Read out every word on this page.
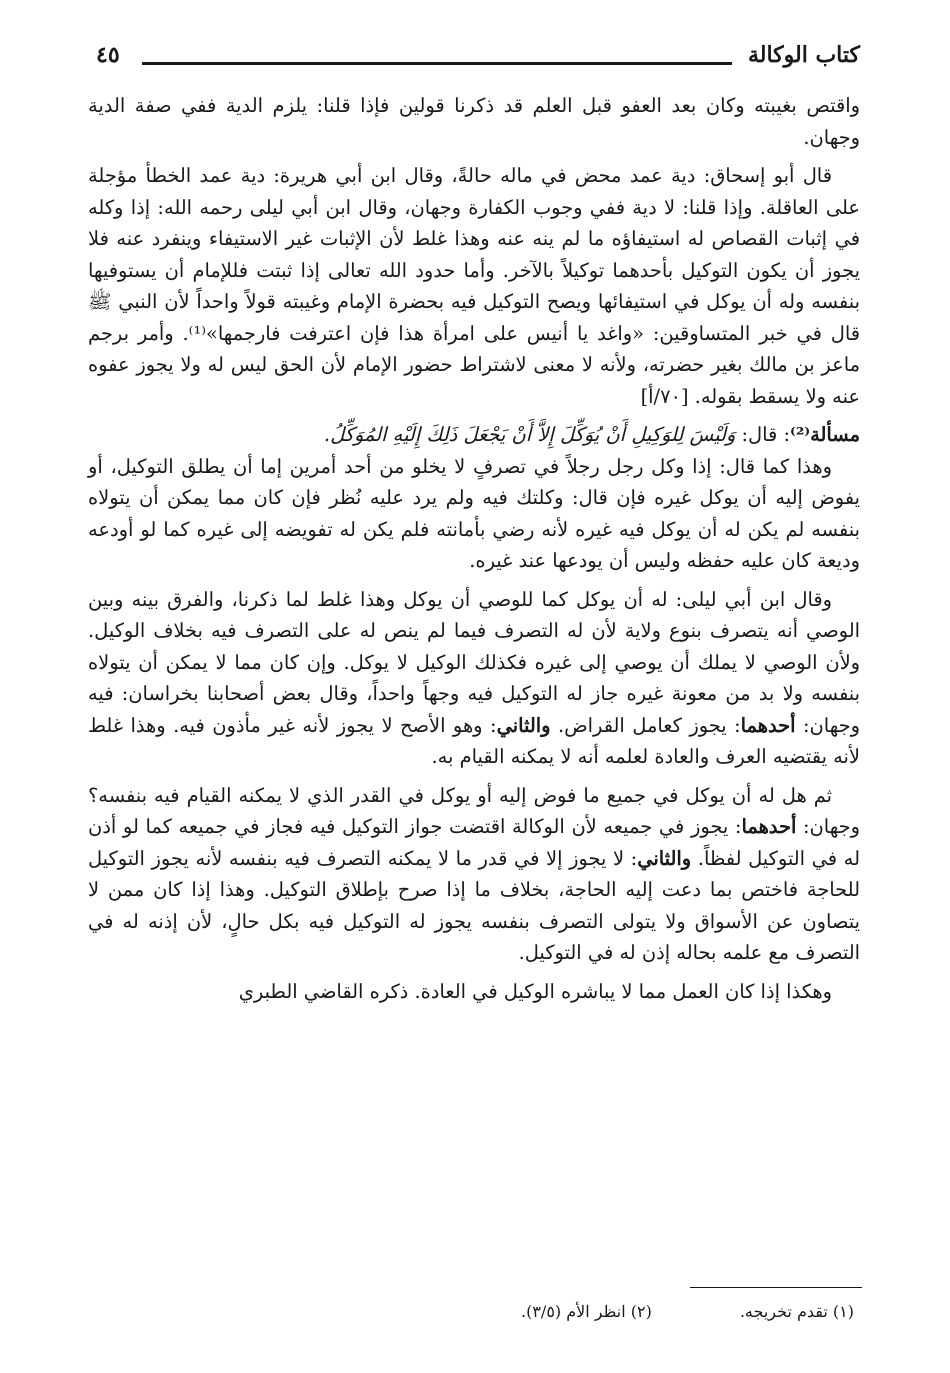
كتاب الوكالة
٤٥

واقتص بغيبته وكان بعد العفو قبل العلم قد ذكرنا قولين فإذا قلنا: يلزم الدية ففي صفة الدية وجهان.

قال أبو إسحاق: دية عمد محض في ماله حالةً، وقال ابن أبي هريرة: دية عمد الخطأ مؤجلة على العاقلة. وإذا قلنا: لا دية ففي وجوب الكفارة وجهان، وقال ابن أبي ليلى رحمه الله: إذا وكله في إثبات القصاص له استيفاؤه ما لم ينه عنه وهذا غلط لأن الإثبات غير الاستيفاء وينفرد عنه فلا يجوز أن يكون التوكيل بأحدهما توكيلاً بالآخر. وأما حدود الله تعالى إذا ثبتت فللإمام أن يستوفيها بنفسه وله أن يوكل في استيفائها ويصح التوكيل فيه بحضرة الإمام وغيبته قولاً واحداً لأن النبي ﷺ قال في خبر المتساوقين: «واغد يا أنيس على امرأة هذا فإن اعترفت فارجمها»⁽¹⁾. وأمر برجم ماعز بن مالك بغير حضرته، ولأنه لا معنى لاشتراط حضور الإمام لأن الحق ليس له ولا يجوز عفوه عنه ولا يسقط بقوله. [٧٠/أ]

مسألة⁽²⁾: قال: وَلَيْسَ لِلوَكِيلِ أَنْ يُوَكِّلَ إِلاَّ أَنْ يَجْعَلَ ذَلِكَ إِلَيْهِ المُوَكِّلُ.

وهذا كما قال: إذا وكل رجل رجلاً في تصرفٍ لا يخلو من أحد أمرين إما أن يطلق التوكيل، أو يفوض إليه أن يوكل غيره فإن قال: وكلتك فيه ولم يرد عليه نُظر فإن كان مما يمكن أن يتولاه بنفسه لم يكن له أن يوكل فيه غيره لأنه رضي بأمانته فلم يكن له تفويضه إلى غيره كما لو أودعه وديعة كان عليه حفظه وليس أن يودعها عند غيره.

وقال ابن أبي ليلى: له أن يوكل كما للوصي أن يوكل وهذا غلط لما ذكرنا، والفرق بينه وبين الوصي أنه يتصرف بنوع ولاية لأن له التصرف فيما لم ينص له على التصرف فيه بخلاف الوكيل. ولأن الوصي لا يملك أن يوصي إلى غيره فكذلك الوكيل لا يوكل. وإن كان مما لا يمكن أن يتولاه بنفسه ولا بد من معونة غيره جاز له التوكيل فيه وجهاً واحداً، وقال بعض أصحابنا بخراسان: فيه وجهان: أحدهما: يجوز كعامل القراض. والثاني: وهو الأصح لا يجوز لأنه غير مأذون فيه. وهذا غلط لأنه يقتضيه العرف والعادة لعلمه أنه لا يمكنه القيام به.

ثم هل له أن يوكل في جميع ما فوض إليه أو يوكل في القدر الذي لا يمكنه القيام فيه بنفسه؟ وجهان: أحدهما: يجوز في جميعه لأن الوكالة اقتضت جواز التوكيل فيه فجاز في جميعه كما لو أذن له في التوكيل لفظاً. والثاني: لا يجوز إلا في قدر ما لا يمكنه التصرف فيه بنفسه لأنه يجوز التوكيل للحاجة فاختص بما دعت إليه الحاجة، بخلاف ما إذا صرح بإطلاق التوكيل. وهذا إذا كان ممن لا يتصاون عن الأسواق ولا يتولى التصرف بنفسه يجوز له التوكيل فيه بكل حالٍ، لأن إذنه له في التصرف مع علمه بحاله إذن له في التوكيل.

وهكذا إذا كان العمل مما لا يباشره الوكيل في العادة. ذكره القاضي الطبري

(١) تقدم تخريجه.
(٢) انظر الأم (٣/٥).
